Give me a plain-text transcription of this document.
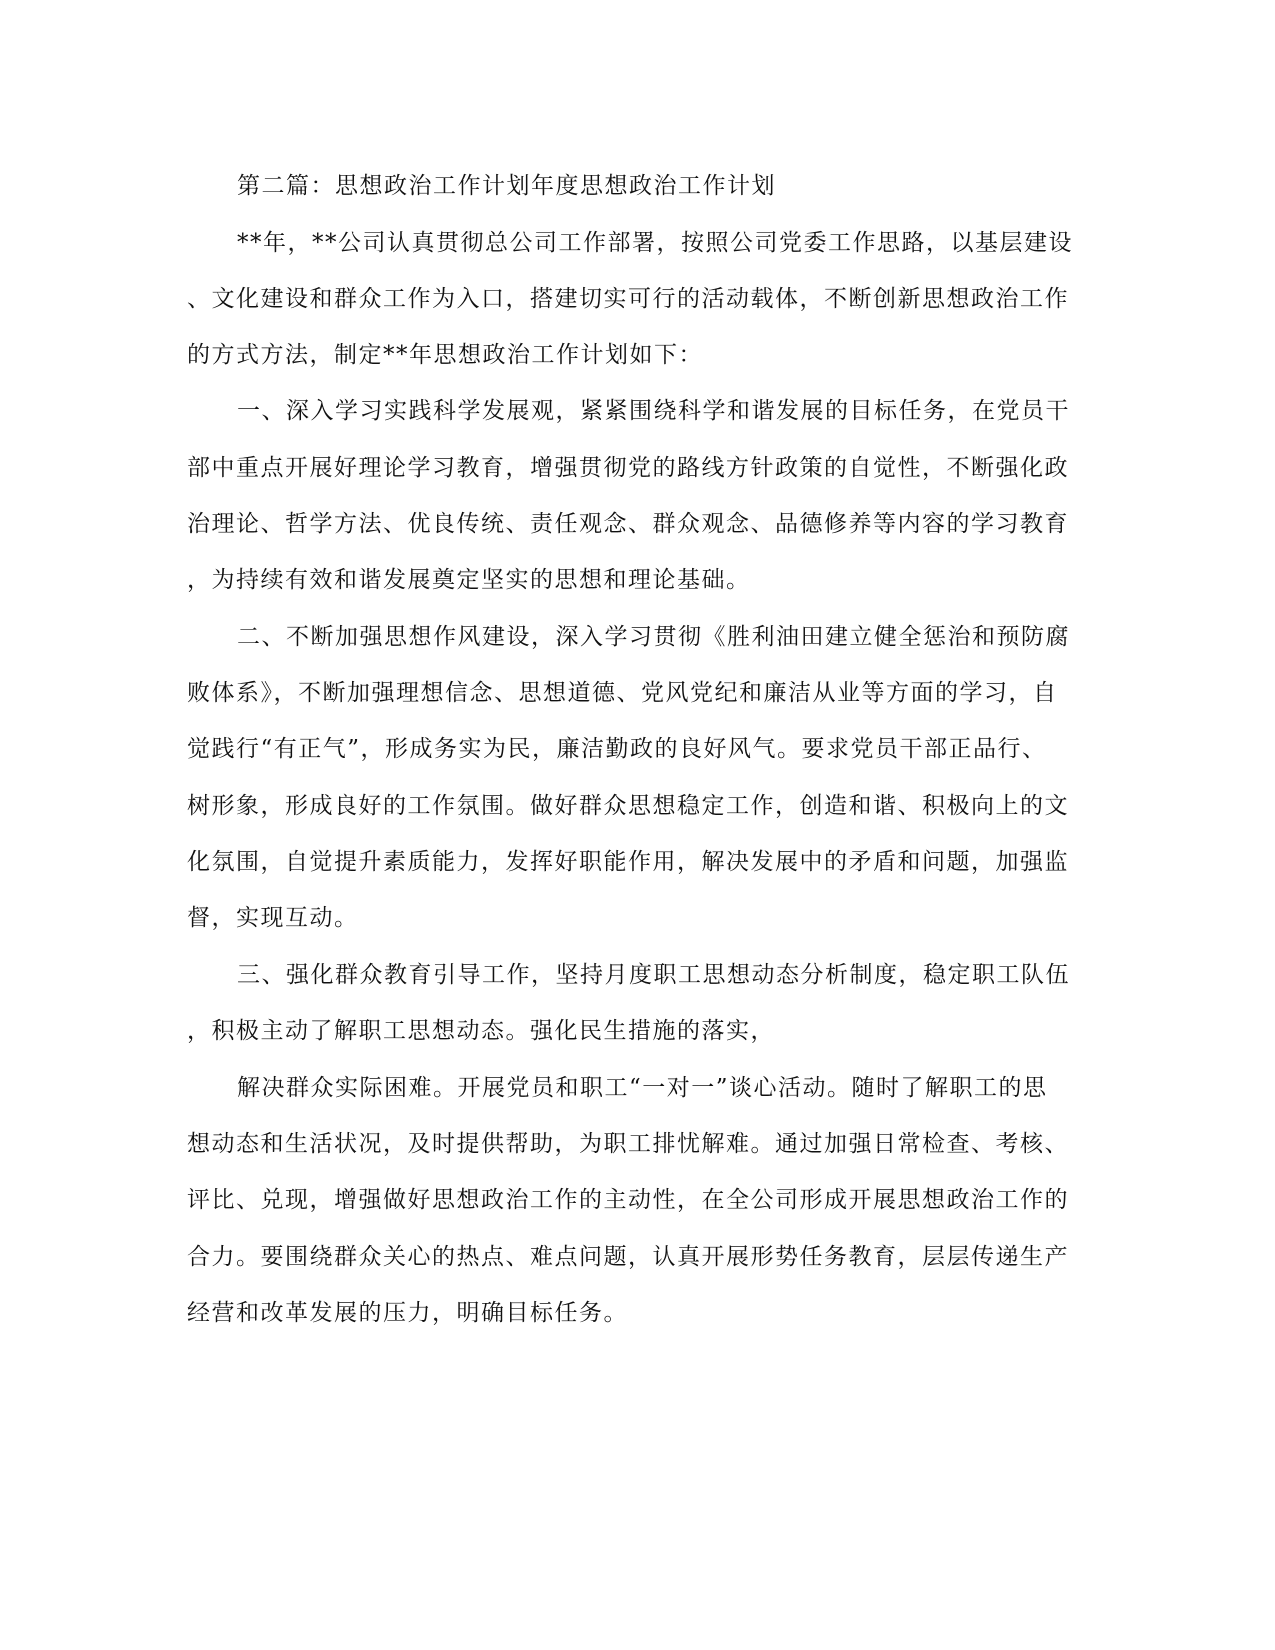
第二篇：思想政治工作计划年度思想政治工作计划
**年，**公司认真贯彻总公司工作部署，按照公司党委工作思路，以基层建设
、文化建设和群众工作为入口，搭建切实可行的活动载体，不断创新思想政治工作
的方式方法，制定**年思想政治工作计划如下：
一、深入学习实践科学发展观，紧紧围绕科学和谐发展的目标任务，在党员干
部中重点开展好理论学习教育，增强贯彻党的路线方针政策的自觉性，不断强化政
治理论、哲学方法、优良传统、责任观念、群众观念、品德修养等内容的学习教育
，为持续有效和谐发展奠定坚实的思想和理论基础。
二、不断加强思想作风建设，深入学习贯彻《胜利油田建立健全惩治和预防腐
败体系》，不断加强理想信念、思想道德、党风党纪和廉洁从业等方面的学习，自
觉践行“有正气”，形成务实为民，廉洁勤政的良好风气。要求党员干部正品行、
树形象，形成良好的工作氛围。做好群众思想稳定工作，创造和谐、积极向上的文
化氛围，自觉提升素质能力，发挥好职能作用，解决发展中的矛盾和问题，加强监
督，实现互动。
三、强化群众教育引导工作，坚持月度职工思想动态分析制度，稳定职工队伍
，积极主动了解职工思想动态。强化民生措施的落实，
解决群众实际困难。开展党员和职工“一对一”谈心活动。随时了解职工的思
想动态和生活状况，及时提供帮助，为职工排忧解难。通过加强日常检查、考核、
评比、兑现，增强做好思想政治工作的主动性，在全公司形成开展思想政治工作的
合力。要围绕群众关心的热点、难点问题，认真开展形势任务教育，层层传递生产
经营和改革发展的压力，明确目标任务。
